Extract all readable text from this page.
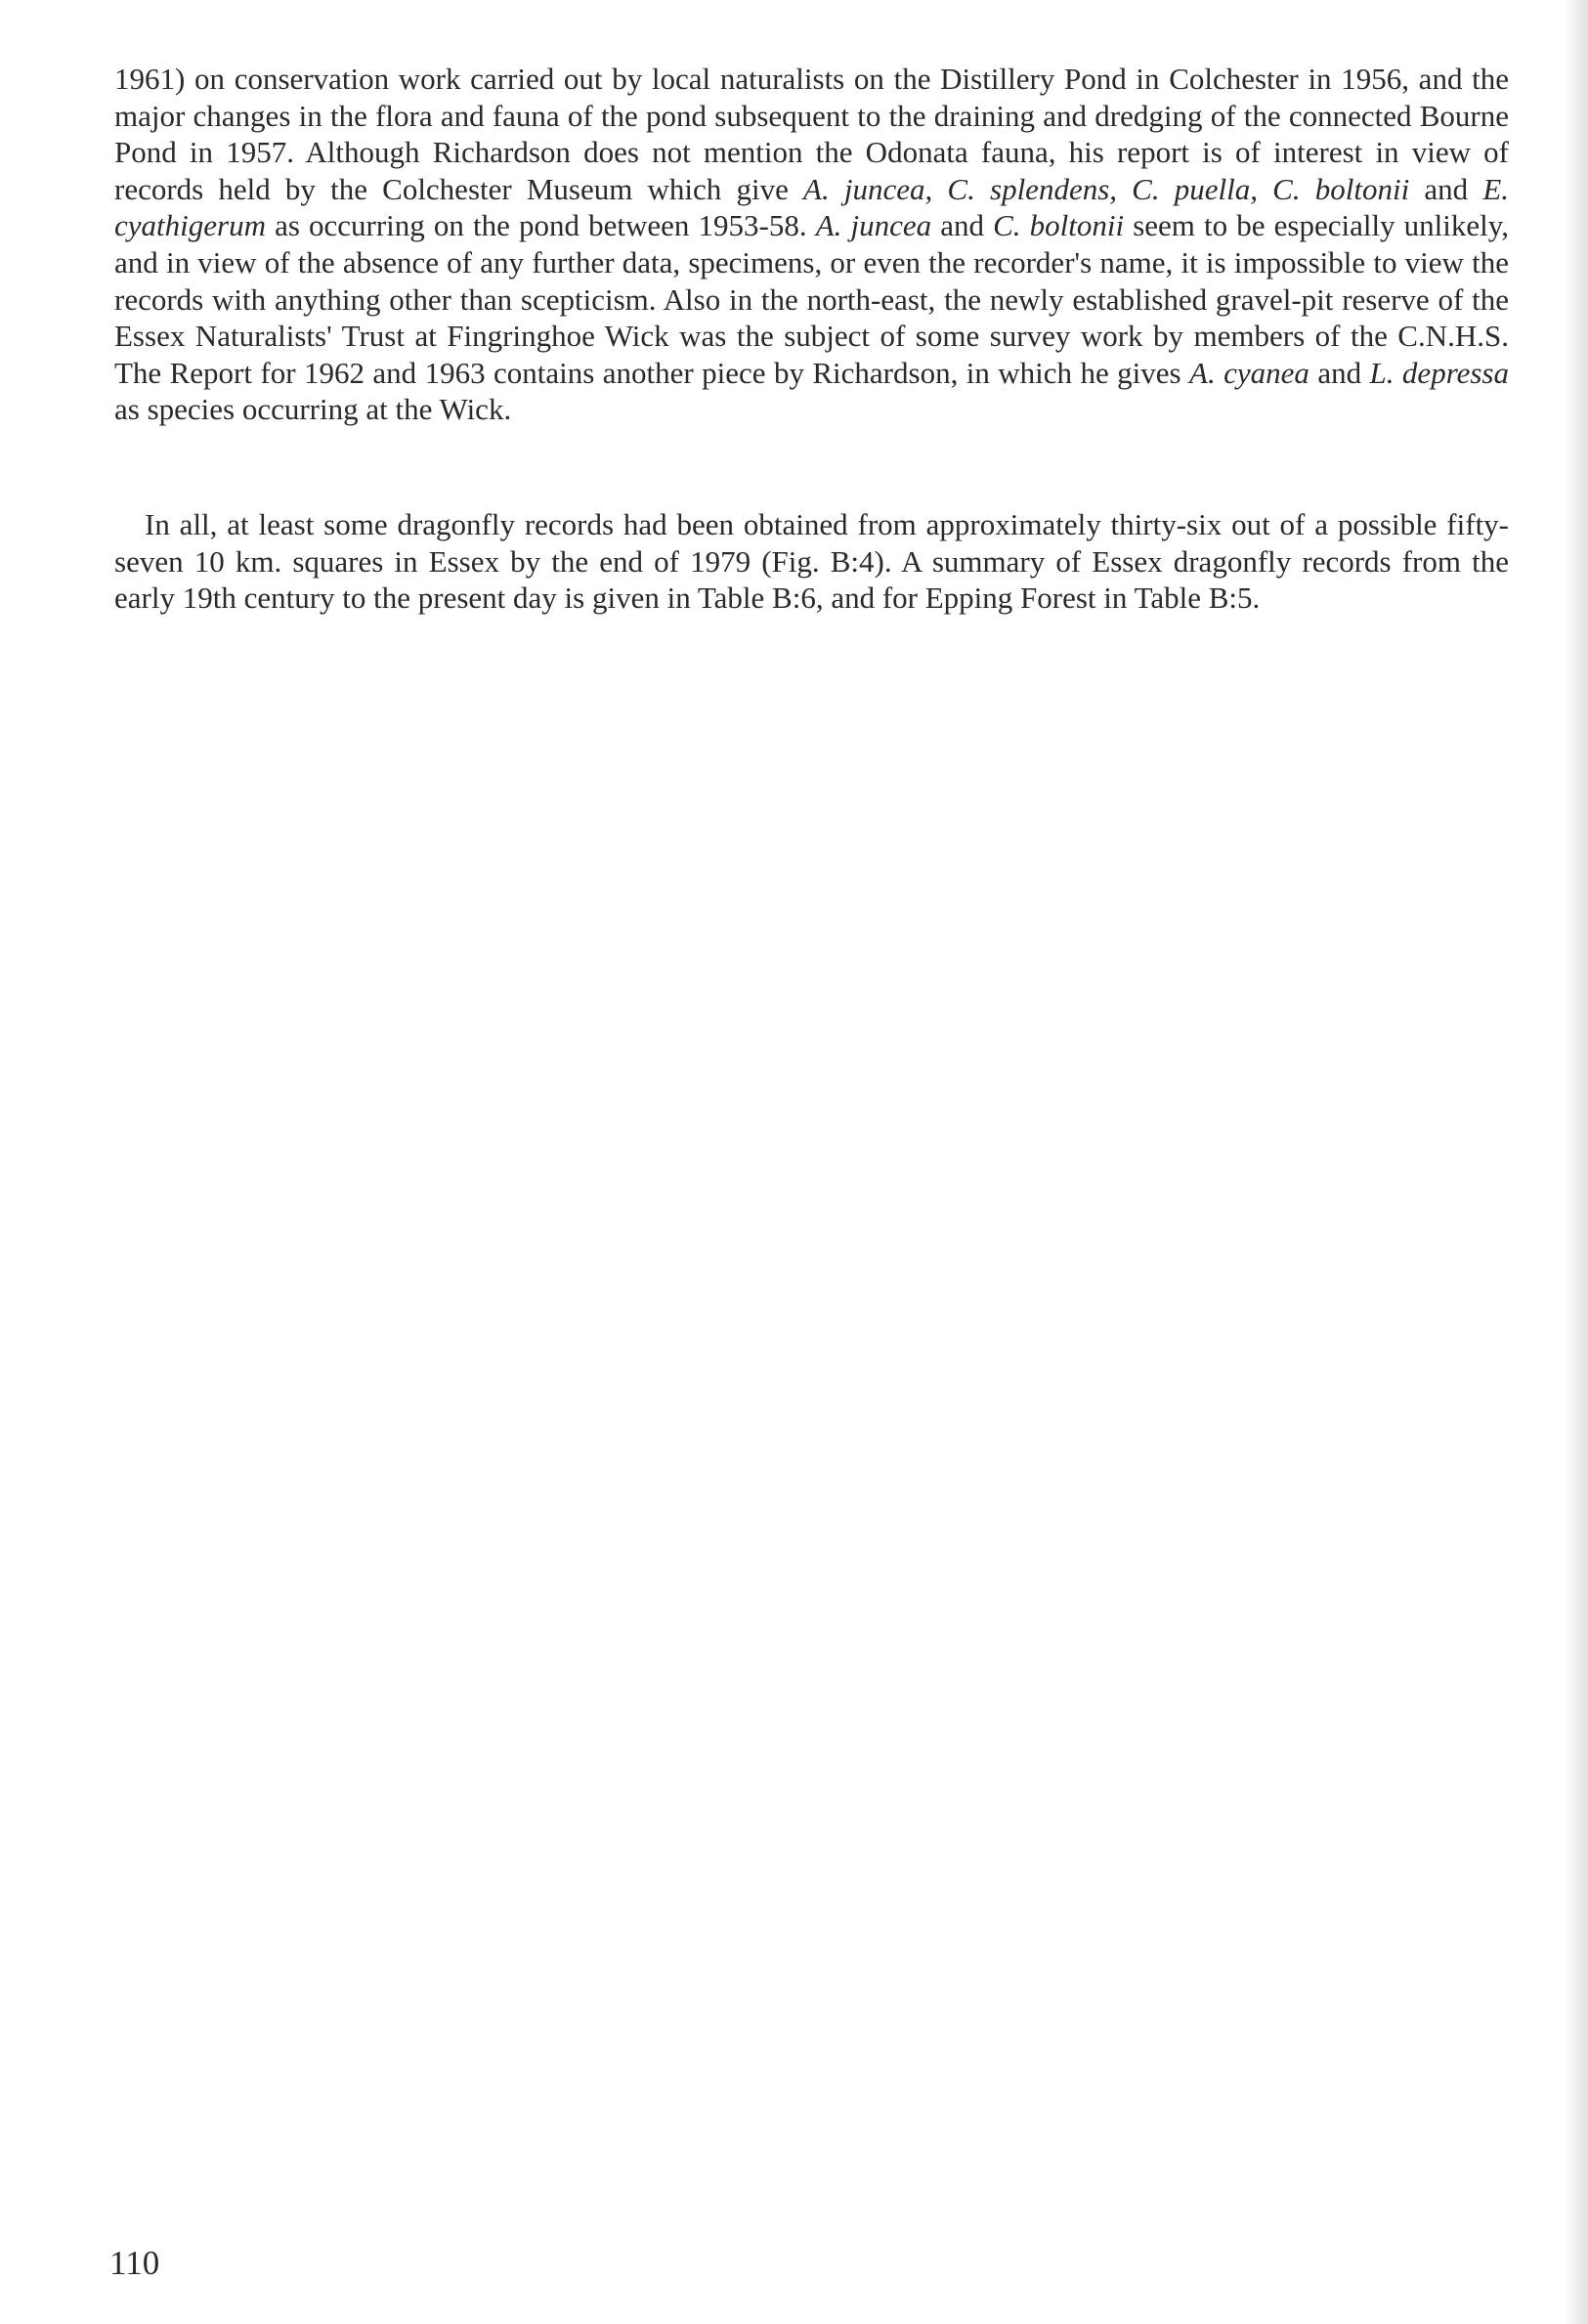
1961) on conservation work carried out by local naturalists on the Distillery Pond in Colchester in 1956, and the major changes in the flora and fauna of the pond subsequent to the draining and dredging of the connected Bourne Pond in 1957. Although Richardson does not mention the Odonata fauna, his report is of interest in view of records held by the Colchester Museum which give A. juncea, C. splendens, C. puella, C. boltonii and E. cyathigerum as occurring on the pond between 1953-58. A. juncea and C. boltonii seem to be especially unlikely, and in view of the absence of any further data, specimens, or even the recorder's name, it is impossible to view the records with anything other than scepticism. Also in the north-east, the newly established gravel-pit reserve of the Essex Naturalists' Trust at Fingringhoe Wick was the subject of some survey work by members of the C.N.H.S. The Report for 1962 and 1963 contains another piece by Richardson, in which he gives A. cyanea and L. depressa as species occurring at the Wick.

In all, at least some dragonfly records had been obtained from approximately thirty-six out of a possible fifty-seven 10 km. squares in Essex by the end of 1979 (Fig. B:4). A summary of Essex dragonfly records from the early 19th century to the present day is given in Table B:6, and for Epping Forest in Table B:5.

110
